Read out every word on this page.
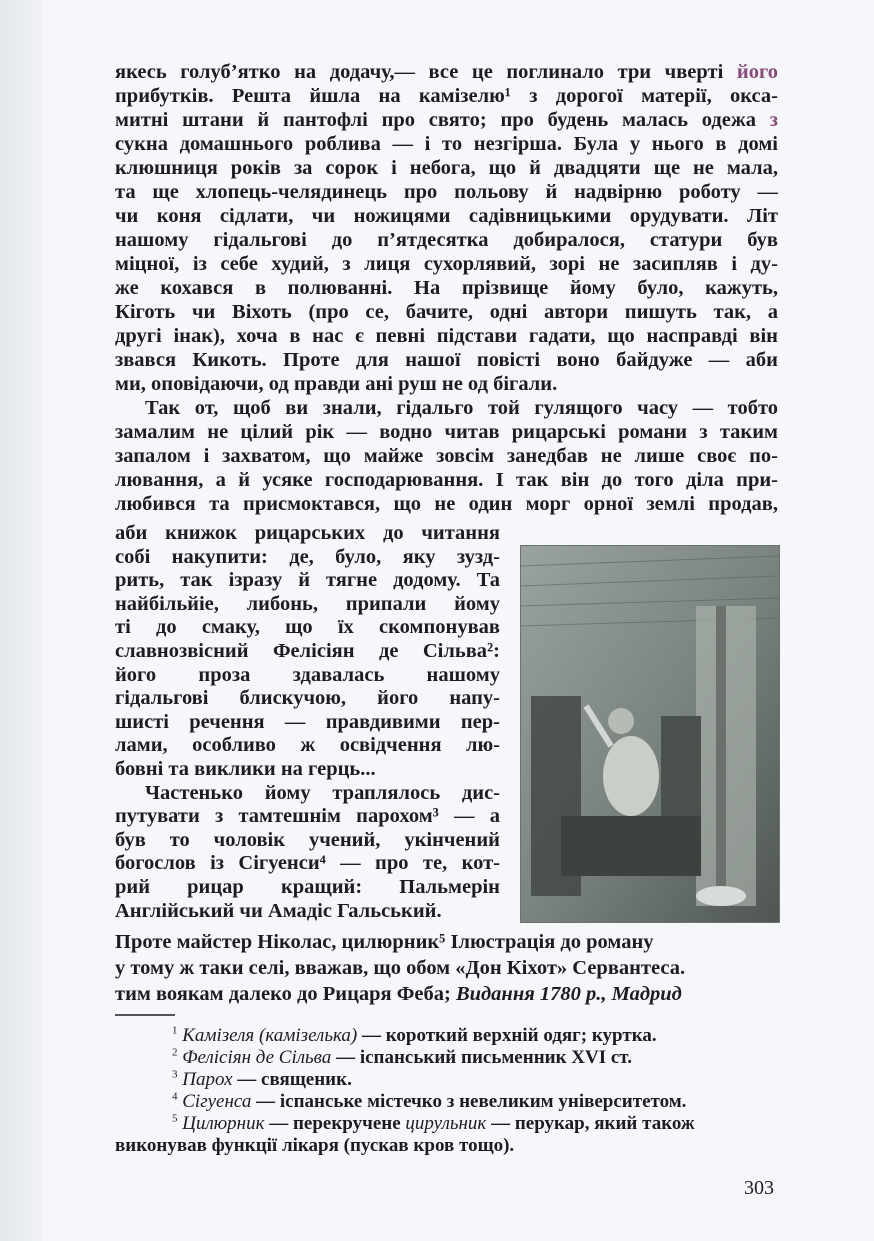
якесь голуб’ятко на додачу,— все це поглинало три чверті його
прибутків. Решта йшла на камізелю¹ з дорогої матерії, окса-
митні штани й пантофлі про свято; про будень малась одежа з
сукна домашнього роблива — і то незгірша. Була у нього в домі
клюшниця років за сорок і небога, що й двадцяти ще не мала,
та ще хлопець-челядинець про польову й надвірню роботу —
чи коня сідлати, чи ножицями садівницькими орудувати. Літ
нашому гідальгові до п’ятдесятка добиралося, статури був
міцної, із себе худий, з лиця сухорлявий, зорі не засипляв і ду-
же кохався в полюванні. На прізвище йому було, кажуть,
Кіготь чи Віхоть (про се, бачите, одні автори пишуть так, а
другі інак), хоча в нас є певні підстави гадати, що насправді він
звався Кикоть. Проте для нашої повісті воно байдуже — аби
ми, оповідаючи, од правди ані руш не од бігали.
Так от, щоб ви знали, гідальго той гулящого часу — тобто
замалим не цілий рік — водно читав рицарські романи з таким
запалом і захватом, що майже зовсім занедбав не лише своє по-
лювання, а й усяке господарювання. І так він до того діла при-
любився та присмоктався, що не один морг орної землі продав,
аби книжок рицарських до читання
собі накупити: де, було, яку зузд-
рить, так ізразу й тягне додому. Та
найбільйіе, либонь, припали йому
ті до смаку, що їх скомпонував
славнозвісний Фелісіян де Сільва²:
його проза здавалась нашому
гідальгові блискучою, його напу-
шисті речення — правдивими пер-
лами, особливо ж освідчення лю-
бовні та виклики на герць...
Частенько йому траплялось дис-
путувати з тамтешнім парохом³ — а
був то чоловік учений, укінчений
богослов із Сігуенси⁴ — про те, кот-
рий рицар кращий: Пальмерін
Англійський чи Амадіс Гальський.
Проте майстер Ніколас, цилюрник⁵ Ілюстрація до роману
у тому ж таки селі, вважав, що обом «Дон Кіхот» Сервантеса.
тим воякам далеко до Рицаря Феба; Видання 1780 р., Мадрид
$^1$ Камізеля (камізелька) — короткий верхній одяг; куртка.
$^2$ Фелісіян де Сільва — іспанський письменник XVI ст.
$^3$ Парох — священик.
$^4$ Сігуенса — іспанське містечко з невеликим університетом.
$^5$ Цилюрник — перекручене цирульник — перукар, який також
виконував функції лікаря (пускав кров тощо).
303
